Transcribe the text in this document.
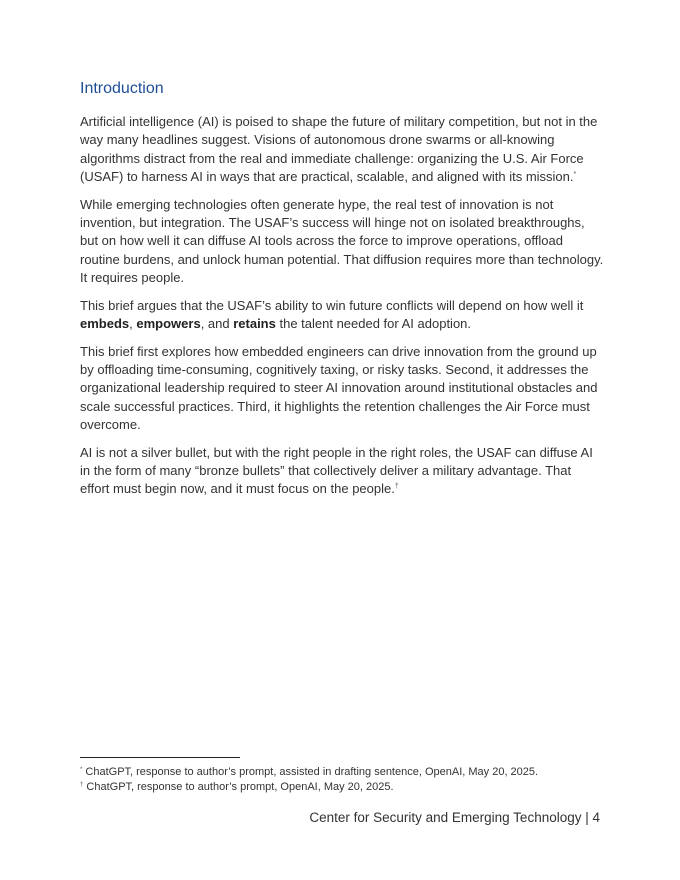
Introduction

Artificial intelligence (AI) is poised to shape the future of military competition, but not in the way many headlines suggest. Visions of autonomous drone swarms or all-knowing algorithms distract from the real and immediate challenge: organizing the U.S. Air Force (USAF) to harness AI in ways that are practical, scalable, and aligned with its mission.*

While emerging technologies often generate hype, the real test of innovation is not invention, but integration. The USAF’s success will hinge not on isolated breakthroughs, but on how well it can diffuse AI tools across the force to improve operations, offload routine burdens, and unlock human potential. That diffusion requires more than technology. It requires people.

This brief argues that the USAF’s ability to win future conflicts will depend on how well it embeds, empowers, and retains the talent needed for AI adoption.

This brief first explores how embedded engineers can drive innovation from the ground up by offloading time-consuming, cognitively taxing, or risky tasks. Second, it addresses the organizational leadership required to steer AI innovation around institutional obstacles and scale successful practices. Third, it highlights the retention challenges the Air Force must overcome.

AI is not a silver bullet, but with the right people in the right roles, the USAF can diffuse AI in the form of many “bronze bullets” that collectively deliver a military advantage. That effort must begin now, and it must focus on the people.†

* ChatGPT, response to author’s prompt, assisted in drafting sentence, OpenAI, May 20, 2025.

† ChatGPT, response to author’s prompt, OpenAI, May 20, 2025.

Center for Security and Emerging Technology | 4
